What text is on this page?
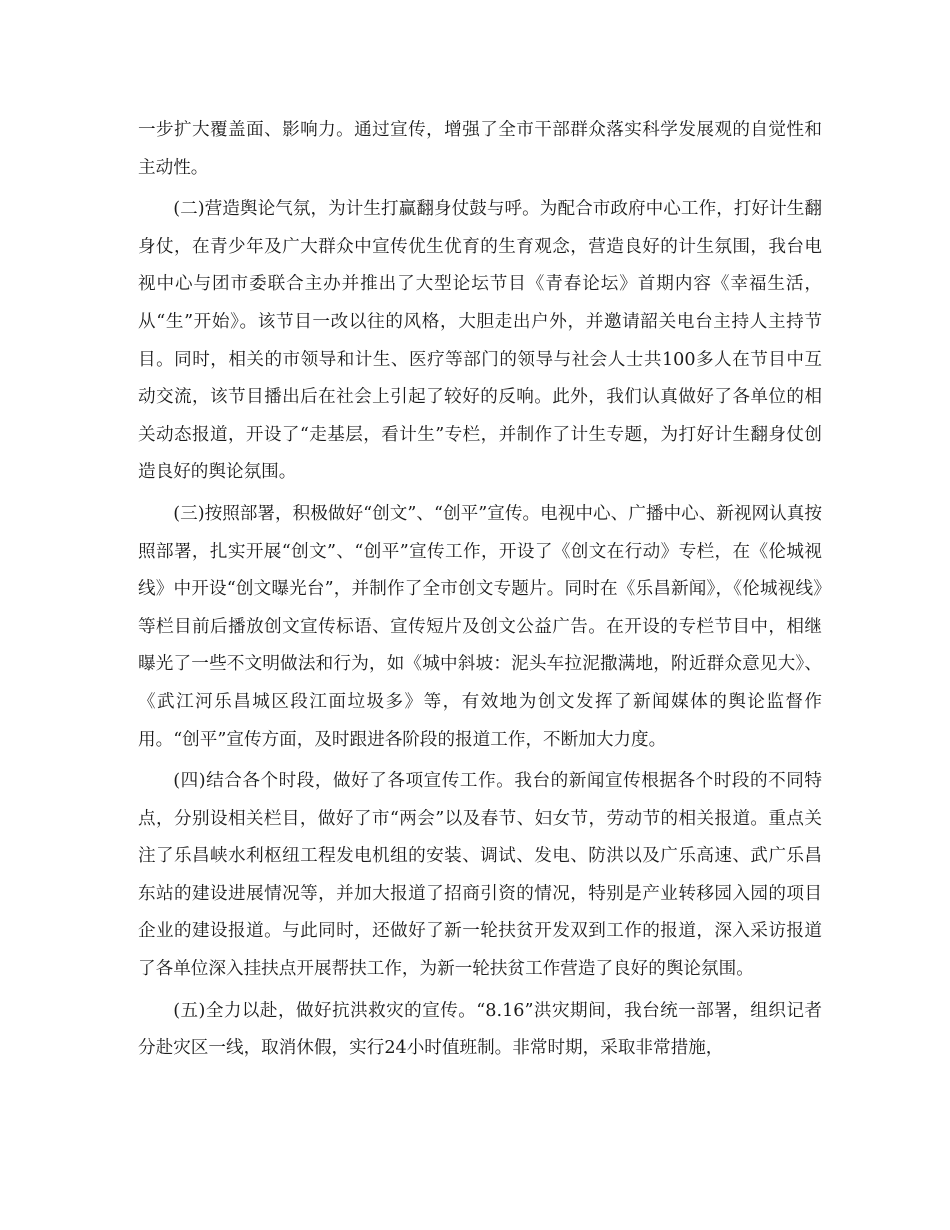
一步扩大覆盖面、影响力。通过宣传，增强了全市干部群众落实科学发展观的自觉性和主动性。

(二)营造舆论气氛，为计生打赢翻身仗鼓与呼。为配合市政府中心工作，打好计生翻身仗，在青少年及广大群众中宣传优生优育的生育观念，营造良好的计生氛围，我台电视中心与团市委联合主办并推出了大型论坛节目《青春论坛》首期内容《幸福生活，从“生”开始》。该节目一改以往的风格，大胆走出户外，并邀请韶关电台主持人主持节目。同时，相关的市领导和计生、医疗等部门的领导与社会人士共100多人在节目中互动交流，该节目播出后在社会上引起了较好的反响。此外，我们认真做好了各单位的相关动态报道，开设了“走基层，看计生”专栏，并制作了计生专题，为打好计生翻身仗创造良好的舆论氛围。

(三)按照部署，积极做好“创文”、“创平”宣传。电视中心、广播中心、新视网认真按照部署，扎实开展“创文”、“创平”宣传工作，开设了《创文在行动》专栏，在《伦城视线》中开设“创文曝光台”，并制作了全市创文专题片。同时在《乐昌新闻》，《伦城视线》等栏目前后播放创文宣传标语、宣传短片及创文公益广告。在开设的专栏节目中，相继曝光了一些不文明做法和行为，如《城中斜坡：泥头车拉泥撒满地，附近群众意见大》、《武江河乐昌城区段江面垃圾多》等，有效地为创文发挥了新闻媒体的舆论监督作用。“创平”宣传方面，及时跟进各阶段的报道工作，不断加大力度。

(四)结合各个时段，做好了各项宣传工作。我台的新闻宣传根据各个时段的不同特点，分别设相关栏目，做好了市“两会”以及春节、妇女节，劳动节的相关报道。重点关注了乐昌峡水利枢纽工程发电机组的安装、调试、发电、防洪以及广乐高速、武广乐昌东站的建设进展情况等，并加大报道了招商引资的情况，特别是产业转移园入园的项目企业的建设报道。与此同时，还做好了新一轮扶贫开发双到工作的报道，深入采访报道了各单位深入挂扶点开展帮扶工作，为新一轮扶贫工作营造了良好的舆论氛围。

(五)全力以赴，做好抗洪救灾的宣传。“8.16”洪灾期间，我台统一部署，组织记者分赴灾区一线，取消休假，实行24小时值班制。非常时期，采取非常措施，
